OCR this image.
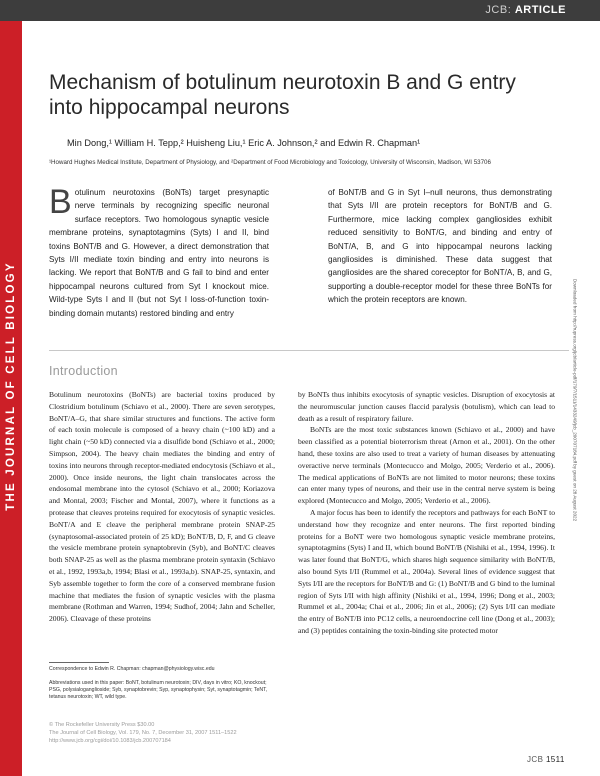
JCB: ARTICLE
THE JOURNAL OF CELL BIOLOGY
Mechanism of botulinum neurotoxin B and G entry into hippocampal neurons
Min Dong,¹ William H. Tepp,² Huisheng Liu,¹ Eric A. Johnson,² and Edwin R. Chapman¹
¹Howard Hughes Medical Institute, Department of Physiology, and ²Department of Food Microbiology and Toxicology, University of Wisconsin, Madison, WI 53706

Botulinum neurotoxins (BoNTs) target presynaptic nerve terminals by recognizing specific neuronal surface receptors. Two homologous synaptic vesicle membrane proteins, synaptotagmins (Syts) I and II, bind toxins BoNT/B and G. However, a direct demonstration that Syts I/II mediate toxin binding and entry into neurons is lacking. We report that BoNT/B and G fail to bind and enter hippocampal neurons cultured from Syt I knockout mice. Wild-type Syts I and II (but not Syt I loss-of-function toxin-binding domain mutants) restored binding and entry

of BoNT/B and G in Syt I–null neurons, thus demonstrating that Syts I/II are protein receptors for BoNT/B and G. Furthermore, mice lacking complex gangliosides exhibit reduced sensitivity to BoNT/G, and binding and entry of BoNT/A, B, and G into hippocampal neurons lacking gangliosides is diminished. These data suggest that gangliosides are the shared coreceptor for BoNT/A, B, and G, supporting a double-receptor model for these three BoNTs for which the protein receptors are known.	Downloaded from http://rupress.org/jcb/article-pdf/179/7/1511/1433249/jcb_200707184.pdf by guest on 28 August 2022
Introduction

Botulinum neurotoxins (BoNTs) are bacterial toxins produced by Clostridium botulinum (Schiavo et al., 2000). There are seven serotypes, BoNT/A–G, that share similar structures and functions. The active form of each toxin molecule is composed of a heavy chain (~100 kD) and a light chain (~50 kD) connected via a disulfide bond (Schiavo et al., 2000; Simpson, 2004). The heavy chain mediates the binding and entry of toxins into neurons through receptor-mediated endocytosis (Schiavo et al., 2000). Once inside neurons, the light chain translocates across the endosomal membrane into the cytosol (Schiavo et al., 2000; Koriazova and Montal, 2003; Fischer and Montal, 2007), where it functions as a protease that cleaves proteins required for exocytosis of synaptic vesicles. BoNT/A and E cleave the peripheral membrane protein SNAP-25 (synaptosomal-associated protein of 25 kD); BoNT/B, D, F, and G cleave the vesicle membrane protein synaptobrevin (Syb), and BoNT/C cleaves both SNAP-25 as well as the plasma membrane protein syntaxin (Schiavo et al., 1992, 1993a,b, 1994; Blasi et al., 1993a,b). SNAP-25, syntaxin, and Syb assemble together to form the core of a conserved membrane fusion machine that mediates the fusion of synaptic vesicles with the plasma membrane (Rothman and Warren, 1994; Sudhof, 2004; Jahn and Scheller, 2006). Cleavage of these proteins

by BoNTs thus inhibits exocytosis of synaptic vesicles. Disruption of exocytosis at the neuromuscular junction causes flaccid paralysis (botulism), which can lead to death as a result of respiratory failure.

BoNTs are the most toxic substances known (Schiavo et al., 2000) and have been classified as a potential bioterrorism threat (Arnon et al., 2001). On the other hand, these toxins are also used to treat a variety of human diseases by attenuating overactive nerve terminals (Montecucco and Molgo, 2005; Verderio et al., 2006). The medical applications of BoNTs are not limited to motor neurons; these toxins can enter many types of neurons, and their use in the central nerve system is being explored (Montecucco and Molgo, 2005; Verderio et al., 2006).

A major focus has been to identify the receptors and pathways for each BoNT to understand how they recognize and enter neurons. The first reported binding proteins for a BoNT were two homologous synaptic vesicle membrane proteins, synaptotagmins (Syts) I and II, which bound BoNT/B (Nishiki et al., 1994, 1996). It was later found that BoNT/G, which shares high sequence similarity with BoNT/B, also bound Syts I/II (Rummel et al., 2004a). Several lines of evidence suggest that Syts I/II are the receptors for BoNT/B and G: (1) BoNT/B and G bind to the luminal region of Syts I/II with high affinity (Nishiki et al., 1994, 1996; Dong et al., 2003; Rummel et al., 2004a; Chai et al., 2006; Jin et al., 2006); (2) Syts I/II can mediate the entry of BoNT/B into PC12 cells, a neuroendocrine cell line (Dong et al., 2003); and (3) peptides containing the toxin-binding site protected motor

Correspondence to Edwin R. Chapman: chapman@physiology.wisc.edu
Abbreviations used in this paper: BoNT, botulinum neurotoxin; DIV, days in vitro; KO, knockout; PSG, polysialoganglioside; Syb, synaptobrevin; Syp, synaptophysin; Syt, synaptotagmin; TeNT, tetanus neurotoxin; WT, wild type.
© The Rockefeller University Press $30.00
The Journal of Cell Biology, Vol. 179, No. 7, December 31, 2007 1511–1522
http://www.jcb.org/cgi/doi/10.1083/jcb.200707184
JCB 1511
